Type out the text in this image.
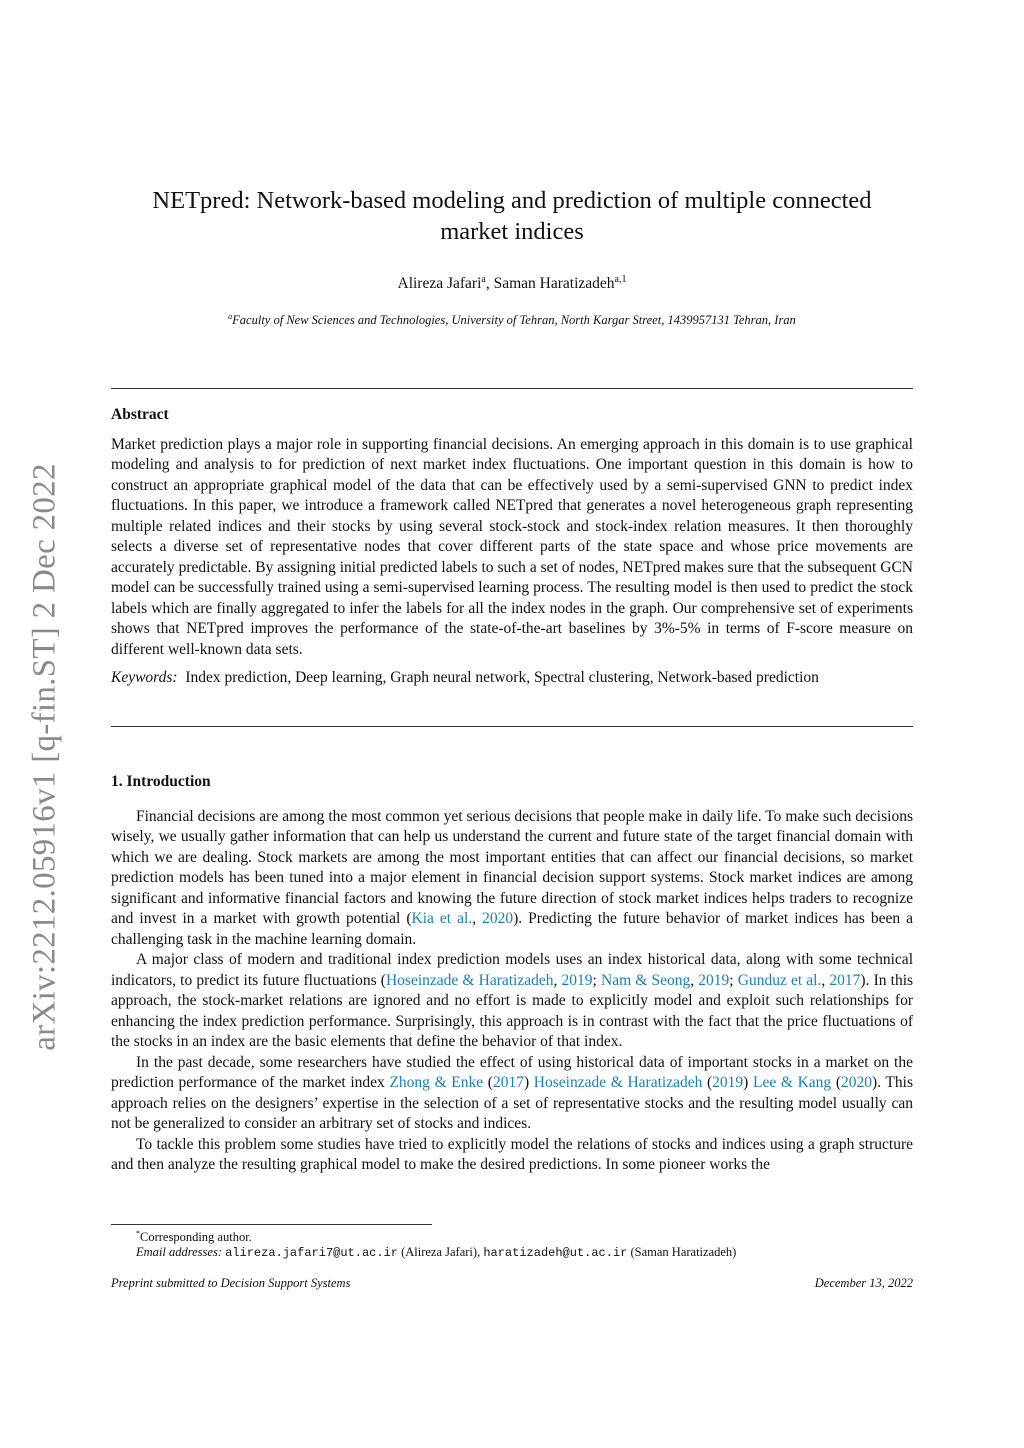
arXiv:2212.05916v1 [q-fin.ST] 2 Dec 2022
NETpred: Network-based modeling and prediction of multiple connected
market indices
Alireza Jafari$^a$, Saman Haratizadeh$^{a,1}$
$^a$Faculty of New Sciences and Technologies, University of Tehran, North Kargar Street, 1439957131 Tehran, Iran
Abstract

Market prediction plays a major role in supporting financial decisions. An emerging approach in this domain is to use graphical modeling and analysis to for prediction of next market index fluctuations. One important question in this domain is how to construct an appropriate graphical model of the data that can be effectively used by a semi-supervised GNN to predict index fluctuations. In this paper, we introduce a framework called NETpred that generates a novel heterogeneous graph representing multiple related indices and their stocks by using several stock-stock and stock-index relation measures. It then thoroughly selects a diverse set of representative nodes that cover different parts of the state space and whose price movements are accurately predictable. By assigning initial predicted labels to such a set of nodes, NETpred makes sure that the subsequent GCN model can be successfully trained using a semi-supervised learning process. The resulting model is then used to predict the stock labels which are finally aggregated to infer the labels for all the index nodes in the graph. Our comprehensive set of experiments shows that NETpred improves the performance of the state-of-the-art baselines by 3%-5% in terms of F-score measure on different well-known data sets.

Keywords: Index prediction, Deep learning, Graph neural network, Spectral clustering, Network-based prediction

1. Introduction

Financial decisions are among the most common yet serious decisions that people make in daily life. To make such decisions wisely, we usually gather information that can help us understand the current and future state of the target financial domain with which we are dealing. Stock markets are among the most important entities that can affect our financial decisions, so market prediction models has been tuned into a major element in financial decision support systems. Stock market indices are among significant and informative financial factors and knowing the future direction of stock market indices helps traders to recognize and invest in a market with growth potential (Kia et al., 2020). Predicting the future behavior of market indices has been a challenging task in the machine learning domain.

A major class of modern and traditional index prediction models uses an index historical data, along with some technical indicators, to predict its future fluctuations (Hoseinzade & Haratizadeh, 2019; Nam & Seong, 2019; Gunduz et al., 2017). In this approach, the stock-market relations are ignored and no effort is made to explicitly model and exploit such relationships for enhancing the index prediction performance. Surprisingly, this approach is in contrast with the fact that the price fluctuations of the stocks in an index are the basic elements that define the behavior of that index.

In the past decade, some researchers have studied the effect of using historical data of important stocks in a market on the prediction performance of the market index Zhong & Enke (2017) Hoseinzade & Haratizadeh (2019) Lee & Kang (2020). This approach relies on the designers’ expertise in the selection of a set of representative stocks and the resulting model usually can not be generalized to consider an arbitrary set of stocks and indices.

To tackle this problem some studies have tried to explicitly model the relations of stocks and indices using a graph structure and then analyze the resulting graphical model to make the desired predictions. In some pioneer works the

*Corresponding author.
Email addresses: alireza.jafari7@ut.ac.ir (Alireza Jafari), haratizadeh@ut.ac.ir (Saman Haratizadeh)
Preprint submitted to Decision Support Systems	December 13, 2022
